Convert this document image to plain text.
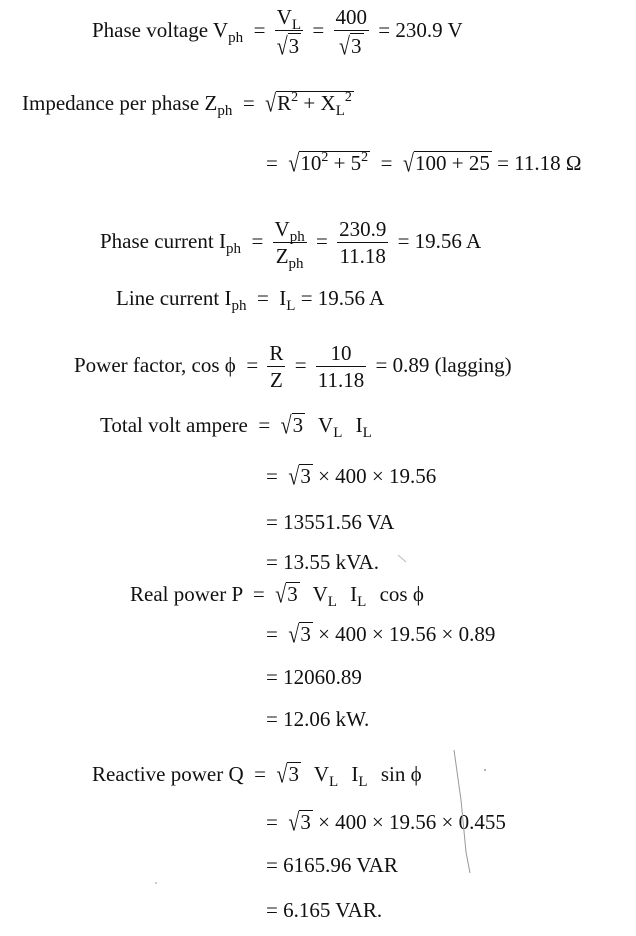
Phase voltage $V_{ph} = \frac{V_L}{√3} = \frac{400}{√3} = 230.9$ V
Impedance per phase $Z_{ph} = √R^2 + X_L^2$
=  $√10^2 + 5^2 = √100 + 25 = 11.18$ Ω
Phase current $I_{ph} = \frac{V_{ph}}{Z_{ph}} = \frac{230.9}{11.18} = 19.56$ A
Line current $I_{ph} = I_L = 19.56$ A
Power factor, $\cos \phi = \frac{R}{Z} = \frac{10}{11.18} = 0.89$ (lagging)
Total volt ampere  =  √3 $V_L$ $I_L$
=  √3 × 400 × 19.56
= 13551.56 VA
= 13.55 kVA.
Real power P  =  √3 $V_L$ $I_L$ cos ϕ
=  √3 × 400 × 19.56 × 0.89
= 12060.89
= 12.06 kW.
Reactive power Q  =  √3 $V_L$ $I_L$ sin ϕ
=  √3 × 400 × 19.56 × 0.455
= 6165.96 VAR
= 6.165 VAR.
